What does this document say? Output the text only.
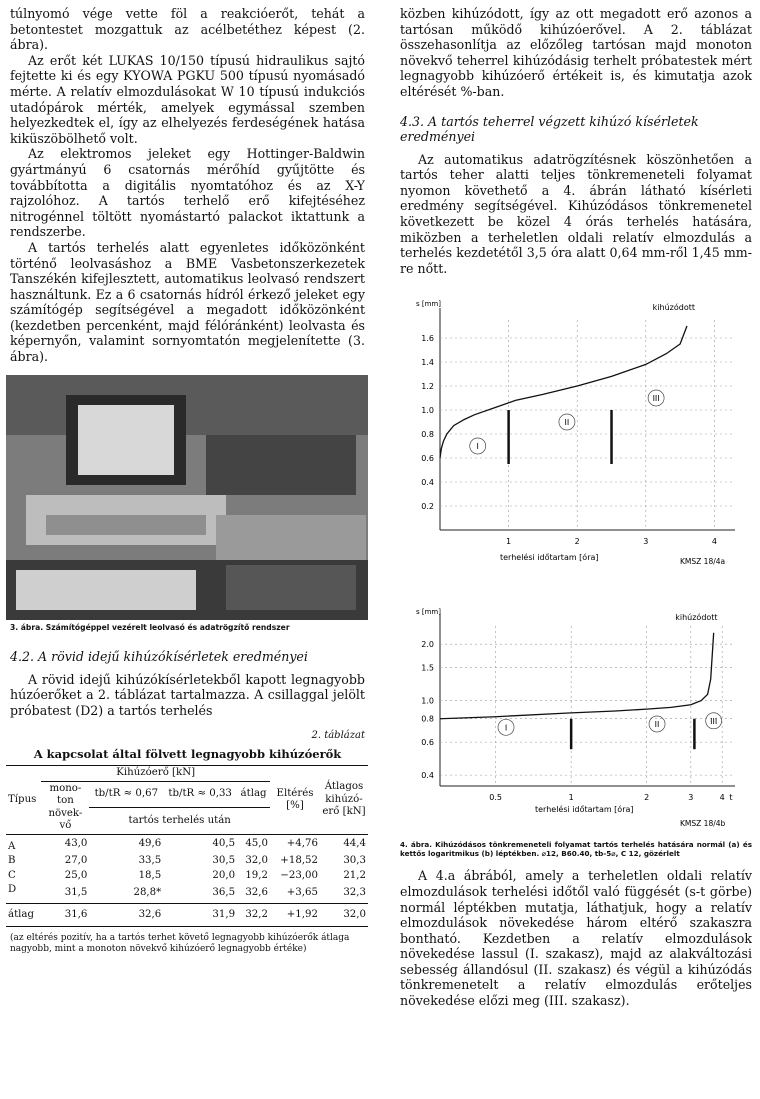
túlnyomó vége vette föl a reakcióerőt, tehát a betontestet mozgattuk az acélbetéthez képest (2. ábra).

Az erőt két LUKAS 10/150 típusú hidraulikus sajtó fejtette ki és egy KYOWA PGKU 500 típusú nyomásadó mérte. A relatív elmozdulásokat W 10 típusú indukciós utadópárok mérték, amelyek egymással szemben helyezkedtek el, így az elhelyezés ferdeségének hatása kiküszöbölhető volt.

Az elektromos jeleket egy Hottinger-Baldwin gyártmányú 6 csatornás mérőhíd gyűjtötte és továbbította a digitális nyomtatóhoz és az X-Y rajzolóhoz. A tartós terhelő erő kifejtéséhez nitrogénnel töltött nyomástartó palackot iktattunk a rendszerbe.

A tartós terhelés alatt egyenletes időközönként történő leolvasáshoz a BME Vasbetonszerkezetek Tanszékén kifejlesztett, automatikus leolvasó rendszert használtunk. Ez a 6 csatornás hídról érkező jeleket egy számítógép segítségével a megadott időközönként (kezdetben percenként, majd félóránként) leolvasta és képernyőn, valamint sornyomtatón megjelenítette (3. ábra).

3. ábra. Számítógéppel vezérelt leolvasó és adatrögzítő rendszer
4.2. A rövid idejű kihúzókísérletek eredményei

A rövid idejű kihúzókísérletekből kapott legnagyobb húzóerőket a 2. táblázat tartalmazza. A csillaggal jelölt próbatest (D2) a tartós terhelés

2. táblázat
A kapcsolat által fölvett legnagyobb kihúzóerők
Típus	Kihúzóerő [kN]				Eltérés [%]	Átlagos kihúzó-erő [kN]
	mono-ton növek-vő	tb/tR ≈ 0,67	tb/tR ≈ 0,33	átlag		
		tartós terhelés után				
A	43,0	49,6	40,5	45,0	+4,76	44,4
B	27,0	33,5	30,5	32,0	+18,52	30,3
C	25,0	18,5	20,0	19,2	−23,00	21,2
D	31,5	28,8*	36,5	32,6	+3,65	32,3
átlag	31,6	32,6	31,9	32,2	+1,92	32,0
(az eltérés pozitív, ha a tartós terhet követő legnagyobb kihúzóerők átlaga nagyobb, mint a monoton növekvő kihúzóerő legnagyobb értéke)

közben kihúzódott, így az ott megadott erő azonos a tartósan működő kihúzóerővel. A 2. táblázat összehasonlítja az előzőleg tartósan majd monoton növekvő teherrel kihúzódásig terhelt próbatestek mért legnagyobb kihúzóerő értékeit is, és kimutatja azok eltérését %-ban.

4.3. A tartós teherrel végzett kihúzó kísérletek eredményei

Az automatikus adatrögzítésnek köszönhetően a tartós teher alatti teljes tönkremeneteli folyamat nyomon követhető a 4. ábrán látható kísérleti eredmény segítségével. Kihúzódásos tönkremenetel következett be közel 4 órás terhelés hatására, miközben a terheletlen oldali relatív elmozdulás a terhelés kezdetétől 3,5 óra alatt 0,64 mm-ről 1,45 mm-re nőtt.

0.2
0.4
0.6
0.8
1.0
1.2
1.4
1.6
1	2	3	4
s [mm]
terhelési időtartam [óra]
kihúzódott
KMSZ 18/4a
I
II
III
0.4
0.6
0.8
1.0
1.5
2.0
0.5	1	2	3	4 t
s [mm]
terhelési időtartam [óra]
kihúzódott
KMSZ 18/4b
I	II	III
4. ábra. Kihúzódásos tönkremeneteli folyamat tartós terhelés hatására normál (a) és kettős logaritmikus (b) léptékben. ⌀12, B60.40, tb-5⌀, C 12, gözérlelt

A 4.a ábrából, amely a terheletlen oldali relatív elmozdulások terhelési időtől való függését (s-t görbe) normál léptékben mutatja, láthatjuk, hogy a relatív elmozdulások növekedése három eltérő szakaszra bontható. Kezdetben a relatív elmozdulások növekedése lassul (I. szakasz), majd az alakváltozási sebesség állandósul (II. szakasz) és végül a kihúzódás tönkremenetelt a relatív elmozdulás erőteljes növekedése előzi meg (III. szakasz).
